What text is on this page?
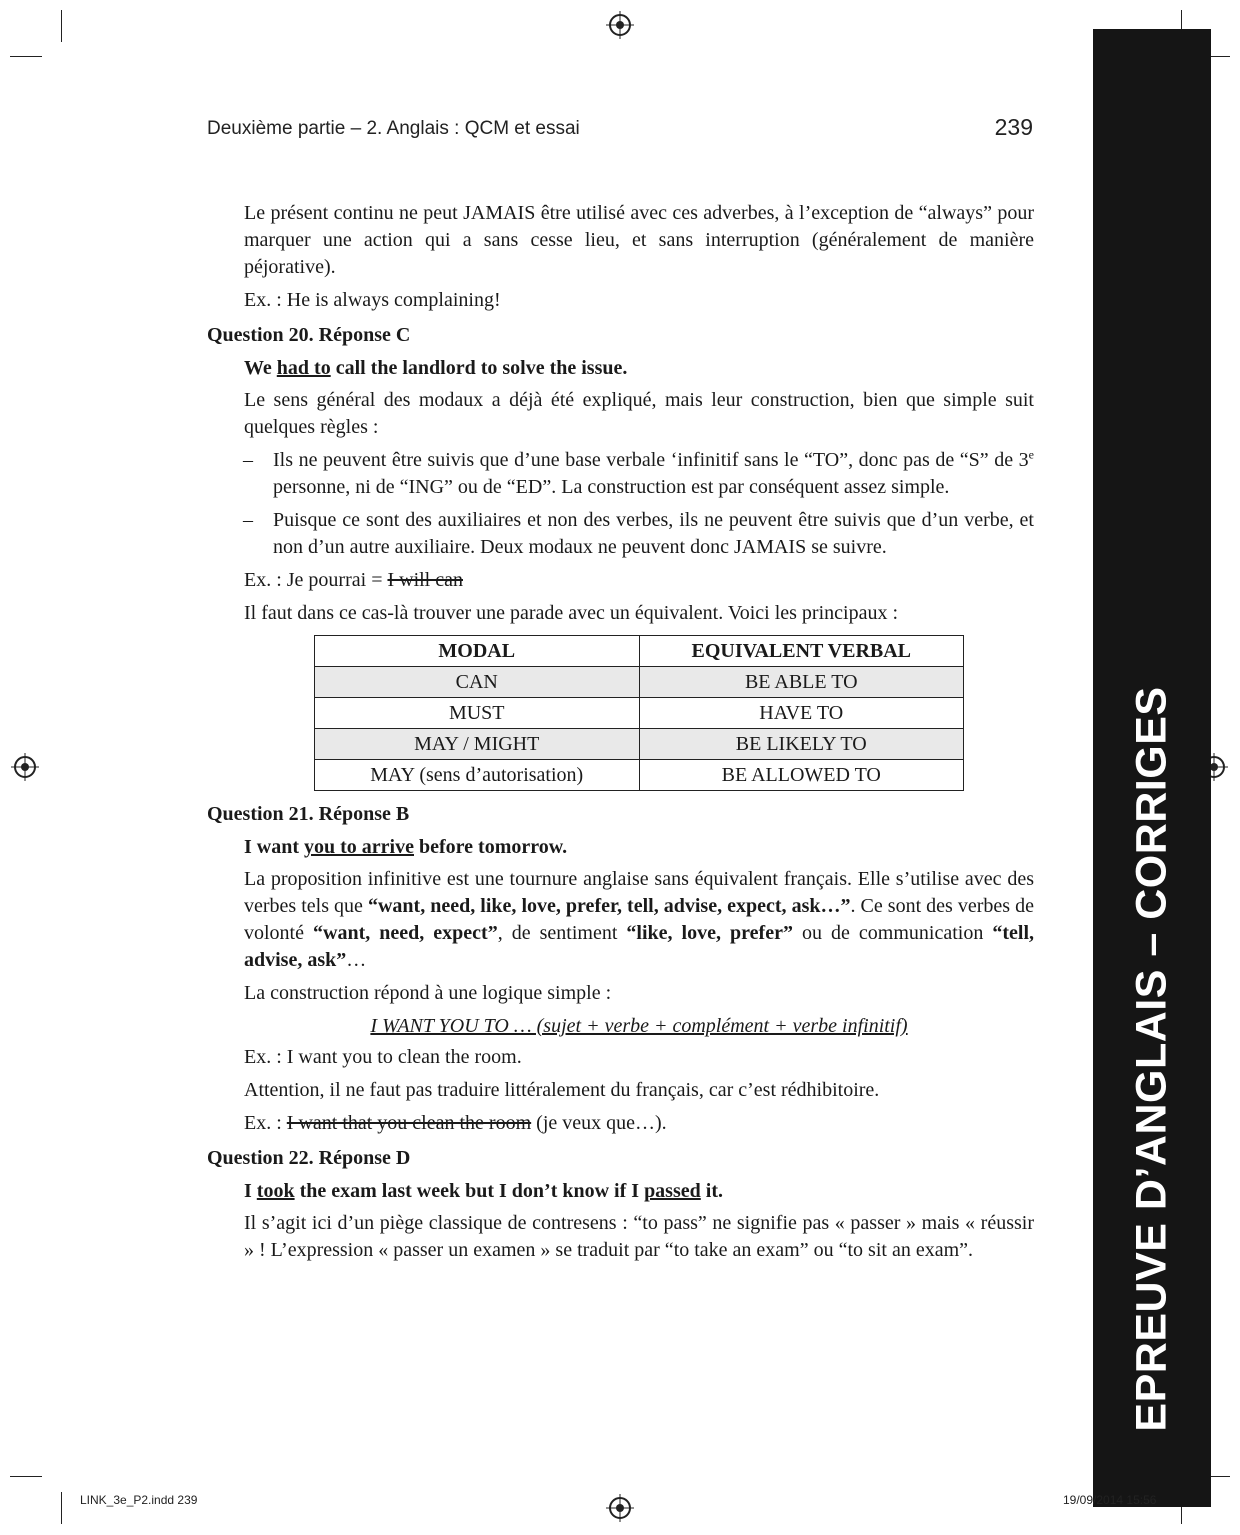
EPREUVE D’ANGLAIS – CORRIGES
Deuxième partie – 2. Anglais : QCM et essai	239

Le présent continu ne peut JAMAIS être utilisé avec ces adverbes, à l’exception de “always” pour marquer une action qui a sans cesse lieu, et sans interruption (généralement de manière péjorative).

Ex. : He is always complaining!

Question 20. Réponse C

We had to call the landlord to solve the issue.

Le sens général des modaux a déjà été expliqué, mais leur construction, bien que simple suit quelques règles :

– Ils ne peuvent être suivis que d’une base verbale ‘infinitif sans le “TO”, donc pas de “S” de 3e personne, ni de “ING” ou de “ED”. La construction est par conséquent assez simple.

– Puisque ce sont des auxiliaires et non des verbes, ils ne peuvent être suivis que d’un verbe, et non d’un autre auxiliaire. Deux modaux ne peuvent donc JAMAIS se suivre.

Ex. : Je pourrai = I will can

Il faut dans ce cas-là trouver une parade avec un équivalent. Voici les principaux :

MODAL	EQUIVALENT VERBAL
CAN	BE ABLE TO
MUST	HAVE TO
MAY / MIGHT	BE LIKELY TO
MAY (sens d’autorisation)	BE ALLOWED TO

Question 21. Réponse B

I want you to arrive before tomorrow.

La proposition infinitive est une tournure anglaise sans équivalent français. Elle s’utilise avec des verbes tels que “want, need, like, love, prefer, tell, advise, expect, ask…”. Ce sont des verbes de volonté “want, need, expect”, de sentiment “like, love, prefer” ou de communication “tell, advise, ask”…

La construction répond à une logique simple :

I WANT YOU TO … (sujet + verbe + complément + verbe infinitif)

Ex. : I want you to clean the room.

Attention, il ne faut pas traduire littéralement du français, car c’est rédhibitoire.

Ex. : I want that you clean the room (je veux que…).

Question 22. Réponse D

I took the exam last week but I don’t know if I passed it.

Il s’agit ici d’un piège classique de contresens : “to pass” ne signifie pas « passer » mais « réussir » ! L’expression « passer un examen » se traduit par “to take an exam” ou “to sit an exam”.

LINK_3e_P2.indd 239	19/09/2014 15:56
